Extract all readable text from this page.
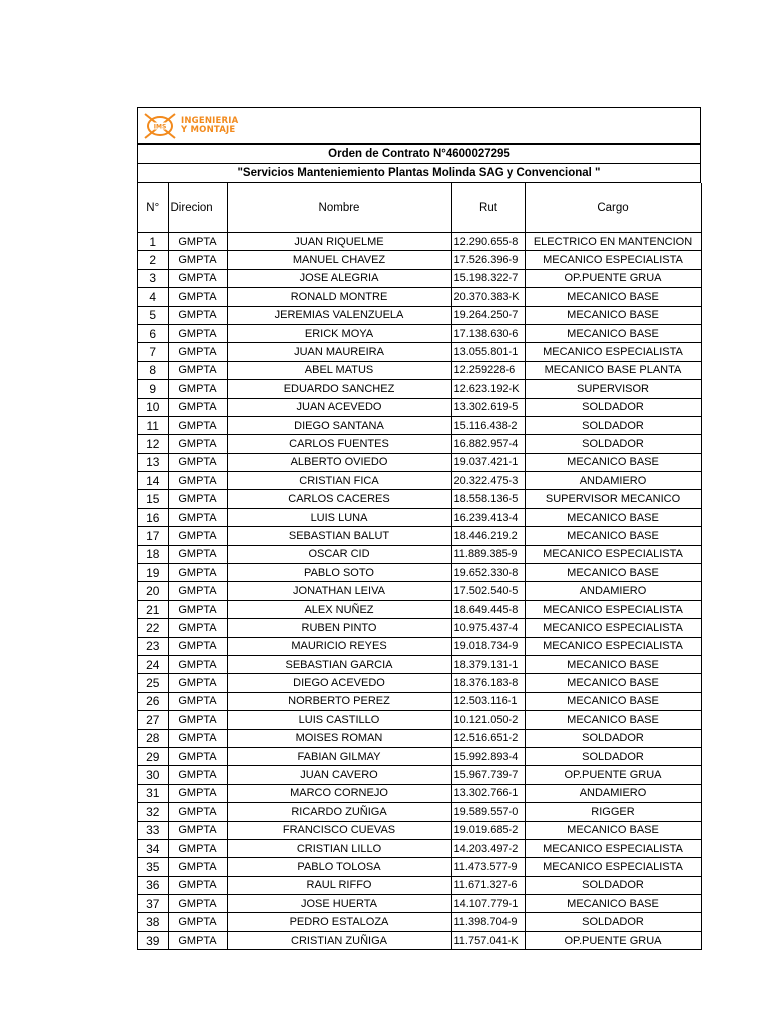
IMS
INGENIERIA
Y MONTAJE
Orden de Contrato N°4600027295
"Servicios Manteniemiento Plantas Molinda SAG y Convencional "
N°	Direcion	Nombre	Rut	Cargo
1	GMPTA	JUAN RIQUELME	12.290.655-8	ELECTRICO EN MANTENCION
2	GMPTA	MANUEL CHAVEZ	17.526.396-9	MECANICO ESPECIALISTA
3	GMPTA	JOSE ALEGRIA	15.198.322-7	OP.PUENTE GRUA
4	GMPTA	RONALD MONTRE	20.370.383-K	MECANICO BASE
5	GMPTA	JEREMIAS VALENZUELA	19.264.250-7	MECANICO BASE
6	GMPTA	ERICK MOYA	17.138.630-6	MECANICO BASE
7	GMPTA	JUAN MAUREIRA	13.055.801-1	MECANICO ESPECIALISTA
8	GMPTA	ABEL MATUS	12.259228-6	MECANICO BASE PLANTA
9	GMPTA	EDUARDO SANCHEZ	12.623.192-K	SUPERVISOR
10	GMPTA	JUAN ACEVEDO	13.302.619-5	SOLDADOR
11	GMPTA	DIEGO SANTANA	15.116.438-2	SOLDADOR
12	GMPTA	CARLOS FUENTES	16.882.957-4	SOLDADOR
13	GMPTA	ALBERTO OVIEDO	19.037.421-1	MECANICO BASE
14	GMPTA	CRISTIAN FICA	20.322.475-3	ANDAMIERO
15	GMPTA	CARLOS CACERES	18.558.136-5	SUPERVISOR MECANICO
16	GMPTA	LUIS LUNA	16.239.413-4	MECANICO BASE
17	GMPTA	SEBASTIAN BALUT	18.446.219.2	MECANICO BASE
18	GMPTA	OSCAR CID	11.889.385-9	MECANICO ESPECIALISTA
19	GMPTA	PABLO SOTO	19.652.330-8	MECANICO BASE
20	GMPTA	JONATHAN LEIVA	17.502.540-5	ANDAMIERO
21	GMPTA	ALEX NUÑEZ	18.649.445-8	MECANICO ESPECIALISTA
22	GMPTA	RUBEN PINTO	10.975.437-4	MECANICO ESPECIALISTA
23	GMPTA	MAURICIO REYES	19.018.734-9	MECANICO ESPECIALISTA
24	GMPTA	SEBASTIAN GARCIA	18.379.131-1	MECANICO BASE
25	GMPTA	DIEGO ACEVEDO	18.376.183-8	MECANICO BASE
26	GMPTA	NORBERTO PEREZ	12.503.116-1	MECANICO BASE
27	GMPTA	LUIS CASTILLO	10.121.050-2	MECANICO BASE
28	GMPTA	MOISES ROMAN	12.516.651-2	SOLDADOR
29	GMPTA	FABIAN GILMAY	15.992.893-4	SOLDADOR
30	GMPTA	JUAN CAVERO	15.967.739-7	OP.PUENTE GRUA
31	GMPTA	MARCO CORNEJO	13.302.766-1	ANDAMIERO
32	GMPTA	RICARDO ZUÑIGA	19.589.557-0	RIGGER
33	GMPTA	FRANCISCO CUEVAS	19.019.685-2	MECANICO BASE
34	GMPTA	CRISTIAN LILLO	14.203.497-2	MECANICO ESPECIALISTA
35	GMPTA	PABLO TOLOSA	11.473.577-9	MECANICO ESPECIALISTA
36	GMPTA	RAUL RIFFO	11.671.327-6	SOLDADOR
37	GMPTA	JOSE HUERTA	14.107.779-1	MECANICO BASE
38	GMPTA	PEDRO ESTALOZA	11.398.704-9	SOLDADOR
39	GMPTA	CRISTIAN ZUÑIGA	11.757.041-K	OP.PUENTE GRUA
